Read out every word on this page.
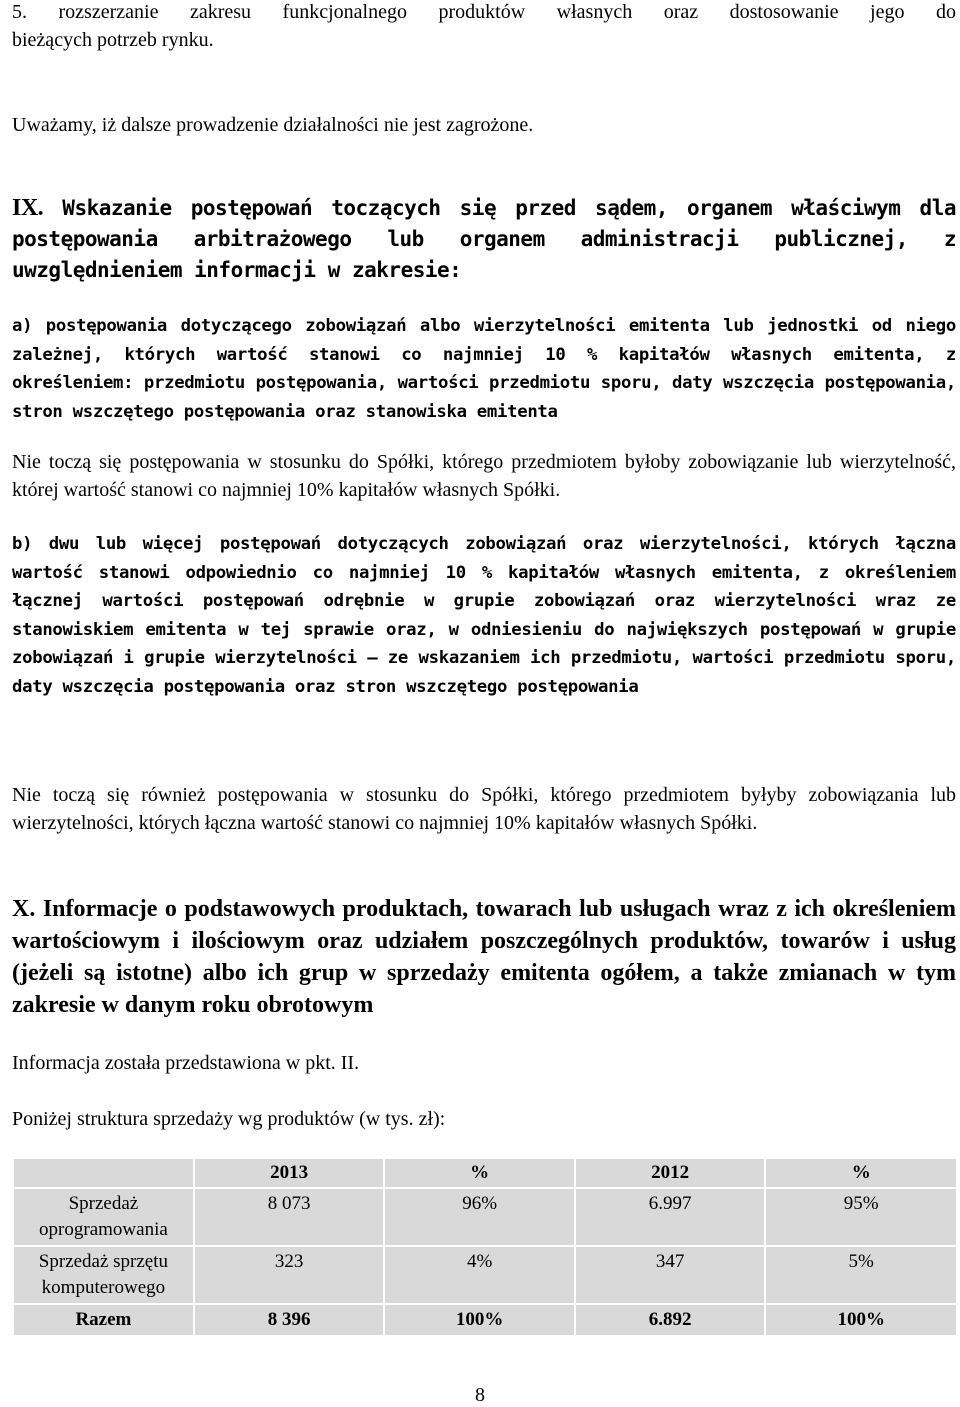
5. rozszerzanie zakresu funkcjonalnego produktów własnych oraz dostosowanie jego do
bieżących potrzeb rynku.
Uważamy, iż dalsze prowadzenie działalności nie jest zagrożone.
IX. Wskazanie postępowań toczących się przed sądem, organem właściwym dla postępowania arbitrażowego lub organem administracji publicznej, z uwzględnieniem informacji w zakresie:
a) postępowania dotyczącego zobowiązań albo wierzytelności emitenta lub jednostki od niego zależnej, których wartość stanowi co najmniej 10 % kapitałów własnych emitenta, z określeniem: przedmiotu postępowania, wartości przedmiotu sporu, daty wszczęcia postępowania, stron wszczętego postępowania oraz stanowiska emitenta
Nie toczą się postępowania w stosunku do Spółki, którego przedmiotem byłoby zobowiązanie lub wierzytelność, której wartość stanowi co najmniej 10% kapitałów własnych Spółki.
b) dwu lub więcej postępowań dotyczących zobowiązań oraz wierzytelności, których łączna wartość stanowi odpowiednio co najmniej 10 % kapitałów własnych emitenta, z określeniem łącznej wartości postępowań odrębnie w grupie zobowiązań oraz wierzytelności wraz ze stanowiskiem emitenta w tej sprawie oraz, w odniesieniu do największych postępowań w grupie zobowiązań i grupie wierzytelności – ze wskazaniem ich przedmiotu, wartości przedmiotu sporu, daty wszczęcia postępowania oraz stron wszczętego postępowania
Nie toczą się również postępowania w stosunku do Spółki, którego przedmiotem byłyby zobowiązania lub wierzytelności, których łączna wartość stanowi co najmniej 10% kapitałów własnych Spółki.
X. Informacje o podstawowych produktach, towarach lub usługach wraz z ich określeniem wartościowym i ilościowym oraz udziałem poszczególnych produktów, towarów i usług (jeżeli są istotne) albo ich grup w sprzedaży emitenta ogółem, a także zmianach w tym zakresie w danym roku obrotowym
Informacja została przedstawiona w pkt. II.
Poniżej struktura sprzedaży wg produktów (w tys. zł):
	2013	%	2012	%
Sprzedaż oprogramowania	8 073	96%	6.997	95%
Sprzedaż sprzętu komputerowego	323	4%	347	5%
Razem	8 396	100%	6.892	100%
8
